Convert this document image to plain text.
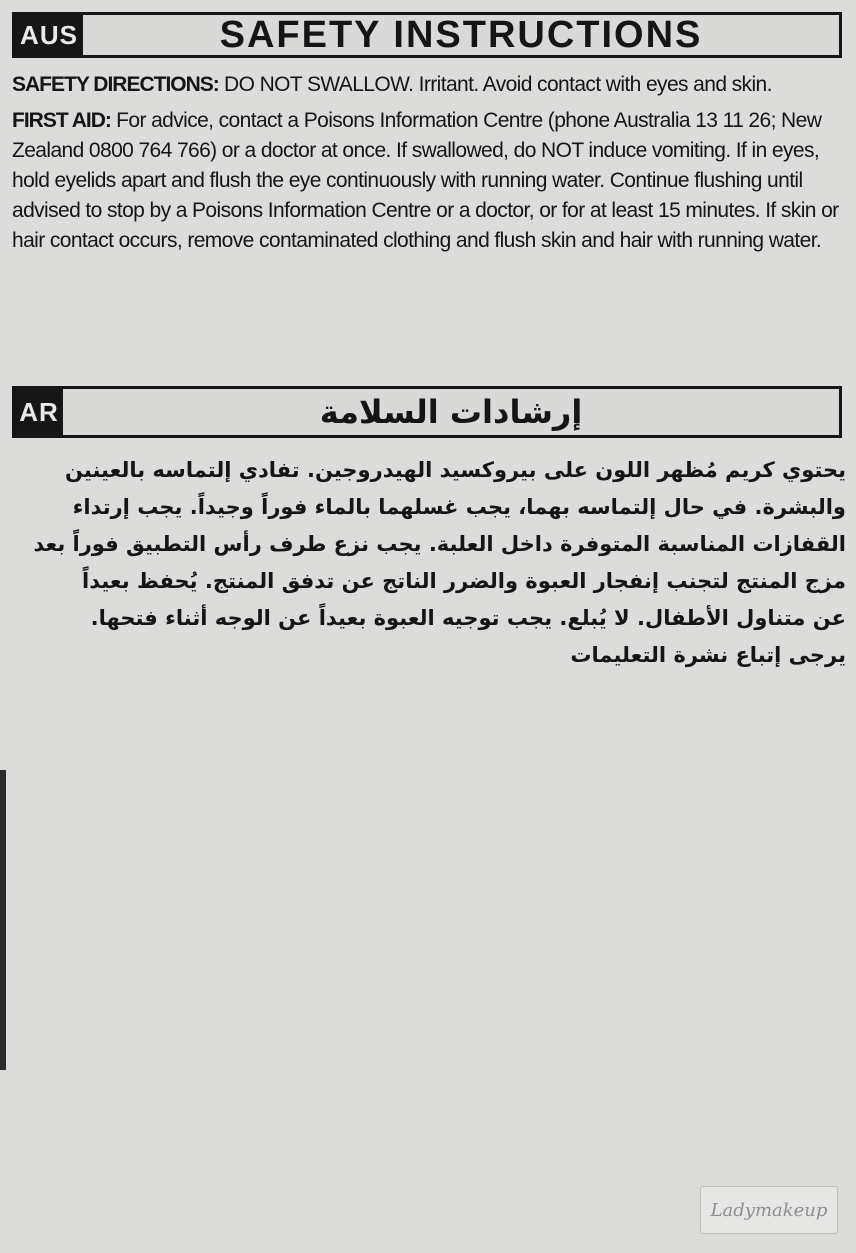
AUS	SAFETY INSTRUCTIONS

SAFETY DIRECTIONS: DO NOT SWALLOW. Irritant. Avoid contact with eyes and skin.

FIRST AID: For advice, contact a Poisons Information Centre (phone Australia 13 11 26; New Zealand 0800 764 766) or a doctor at once. If swallowed, do NOT induce vomiting. If in eyes, hold eyelids apart and flush the eye continuously with running water. Continue flushing until advised to stop by a Poisons Information Centre or a doctor, or for at least 15 minutes. If skin or hair contact occurs, remove contaminated clothing and flush skin and hair with running water.

AR	إرشادات السلامة
يحتوي كريم مُظهر اللون على بيروكسيد الهيدروجين. تفادي إلتماسه بالعينين
والبشرة. في حال إلتماسه بهما، يجب غسلهما بالماء فوراً وجيداً. يجب إرتداء
القفازات المناسبة المتوفرة داخل العلبة. يجب نزع طرف رأس التطبيق فوراً بعد
مزج المنتج لتجنب إنفجار العبوة والضرر الناتج عن تدفق المنتج. يُحفظ بعيداً
عن متناول الأطفال. لا يُبلع. يجب توجيه العبوة بعيداً عن الوجه أثناء فتحها.
يرجى إتباع نشرة التعليمات
Ladymakeup
